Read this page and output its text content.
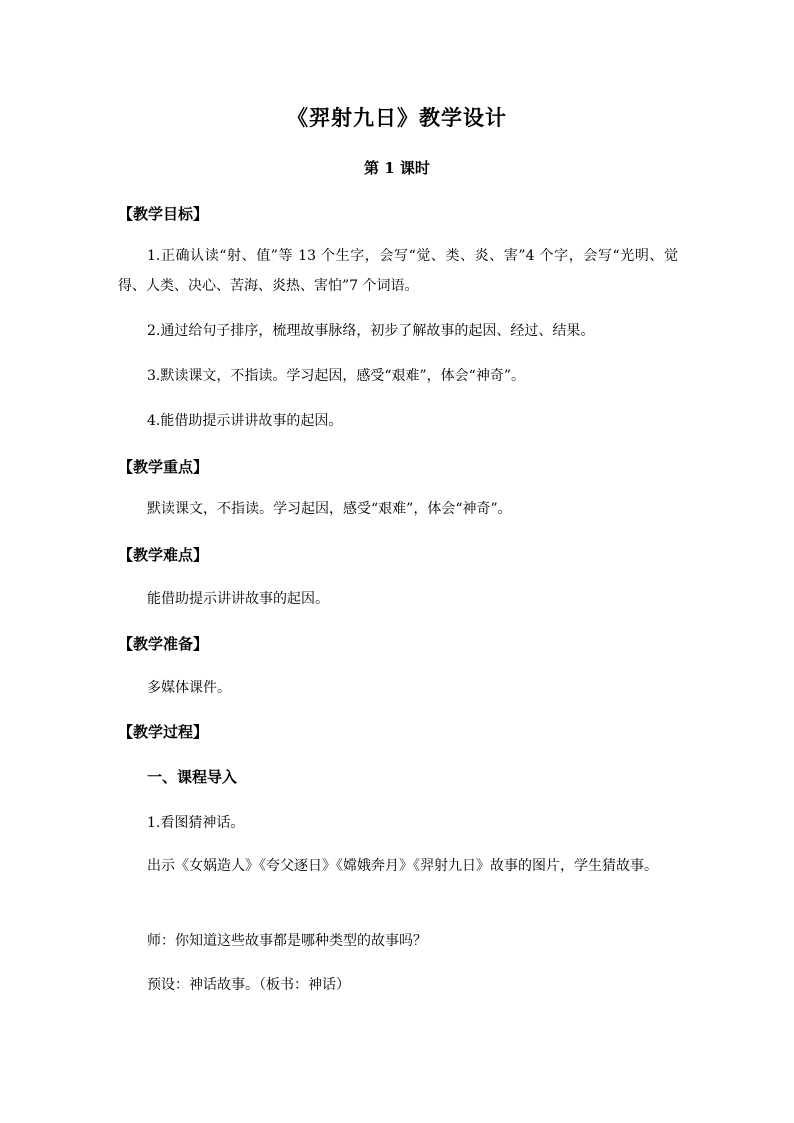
《羿射九日》教学设计
第 1 课时
【教学目标】
1.正确认读“射、值”等 13 个生字，会写“觉、类、炎、害”4 个字，会写“光明、觉得、人类、决心、苦海、炎热、害怕”7 个词语。
2.通过给句子排序，梳理故事脉络，初步了解故事的起因、经过、结果。
3.默读课文，不指读。学习起因，感受“艰难”，体会“神奇”。
4.能借助提示讲讲故事的起因。
【教学重点】
默读课文，不指读。学习起因，感受“艰难”，体会“神奇”。
【教学难点】
能借助提示讲讲故事的起因。
【教学准备】
多媒体课件。
【教学过程】
一、课程导入
1.看图猜神话。
出示《女娲造人》《夸父逐日》《嫦娥奔月》《羿射九日》故事的图片，学生猜故事。
师：你知道这些故事都是哪种类型的故事吗？
预设：神话故事。（板书：神话）
